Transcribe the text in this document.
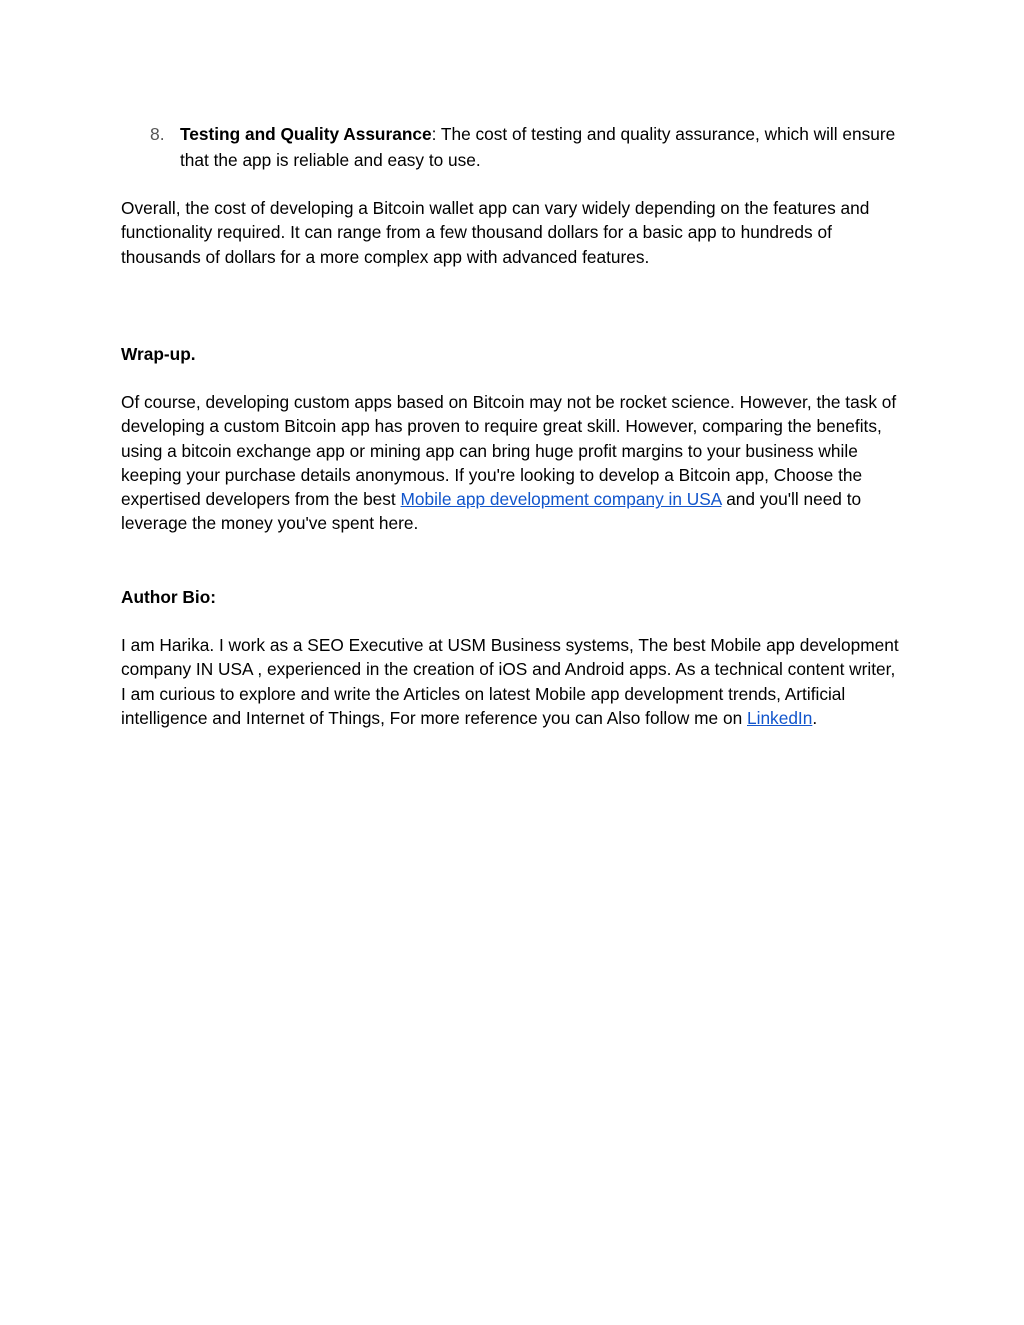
8. Testing and Quality Assurance: The cost of testing and quality assurance, which will ensure that the app is reliable and easy to use.

Overall, the cost of developing a Bitcoin wallet app can vary widely depending on the features and functionality required. It can range from a few thousand dollars for a basic app to hundreds of thousands of dollars for a more complex app with advanced features.

Wrap-up.

Of course, developing custom apps based on Bitcoin may not be rocket science. However, the task of developing a custom Bitcoin app has proven to require great skill. However, comparing the benefits, using a bitcoin exchange app or mining app can bring huge profit margins to your business while keeping your purchase details anonymous. If you're looking to develop a Bitcoin app, Choose the expertised developers from the best Mobile app development company in USA and you'll need to leverage the money you've spent here.

Author Bio:

I am Harika. I work as a SEO Executive at USM Business systems, The best Mobile app development company IN USA , experienced in the creation of iOS and Android apps. As a technical content writer, I am curious to explore and write the Articles on latest Mobile app development trends, Artificial intelligence and Internet of Things, For more reference you can Also follow me on LinkedIn.
